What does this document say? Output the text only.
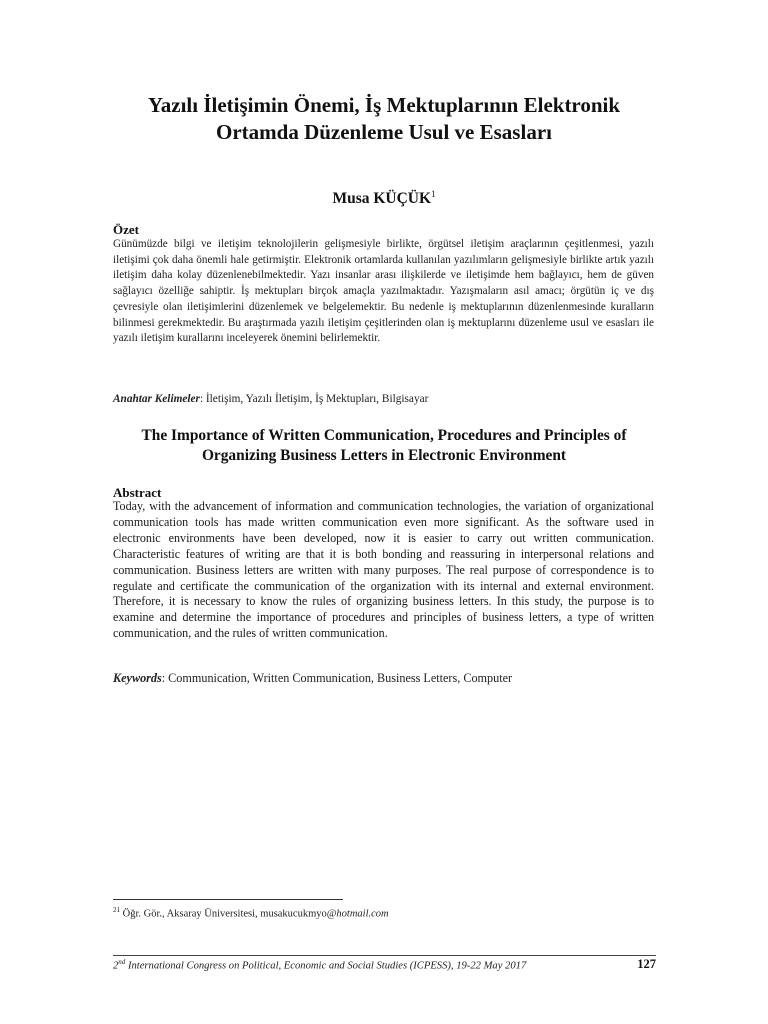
Yazılı İletişimin Önemi, İş Mektuplarının Elektronik
Ortamda Düzenleme Usul ve Esasları
Musa KÜÇÜK$^1$
Özet
Günümüzde bilgi ve iletişim teknolojilerin gelişmesiyle birlikte, örgütsel iletişim araçlarının çeşitlenmesi, yazılı iletişimi çok daha önemli hale getirmiştir. Elektronik ortamlarda kullanılan yazılımların gelişmesiyle birlikte artık yazılı iletişim daha kolay düzenlenebilmektedir. Yazı insanlar arası ilişkilerde ve iletişimde hem bağlayıcı, hem de güven sağlayıcı özelliğe sahiptir. İş mektupları birçok amaçla yazılmaktadır. Yazışmaların asıl amacı; örgütün iç ve dış çevresiyle olan iletişimlerini düzenlemek ve belgelemektir. Bu nedenle iş mektuplarının düzenlenmesinde kuralların bilinmesi gerekmektedir. Bu araştırmada yazılı iletişim çeşitlerinden olan iş mektuplarını düzenleme usul ve esasları ile yazılı iletişim kurallarını inceleyerek önemini belirlemektir.
Anahtar Kelimeler: İletişim, Yazılı İletişim, İş Mektupları, Bilgisayar
The Importance of Written Communication, Procedures and Principles of
Organizing Business Letters in Electronic Environment
Abstract
Today, with the advancement of information and communication technologies, the variation of organizational communication tools has made written communication even more significant. As the software used in electronic environments have been developed, now it is easier to carry out written communication. Characteristic features of writing are that it is both bonding and reassuring in interpersonal relations and communication. Business letters are written with many purposes. The real purpose of correspondence is to regulate and certificate the communication of the organization with its internal and external environment. Therefore, it is necessary to know the rules of organizing business letters. In this study, the purpose is to examine and determine the importance of procedures and principles of business letters, a type of written communication, and the rules of written communication.
Keywords: Communication, Written Communication, Business Letters, Computer
$^{21}$ Öğr. Gör., Aksaray Üniversitesi, musakucukmyo@hotmail.com
2nd International Congress on Political, Economic and Social Studies (ICPESS), 19-22 May 2017	127
